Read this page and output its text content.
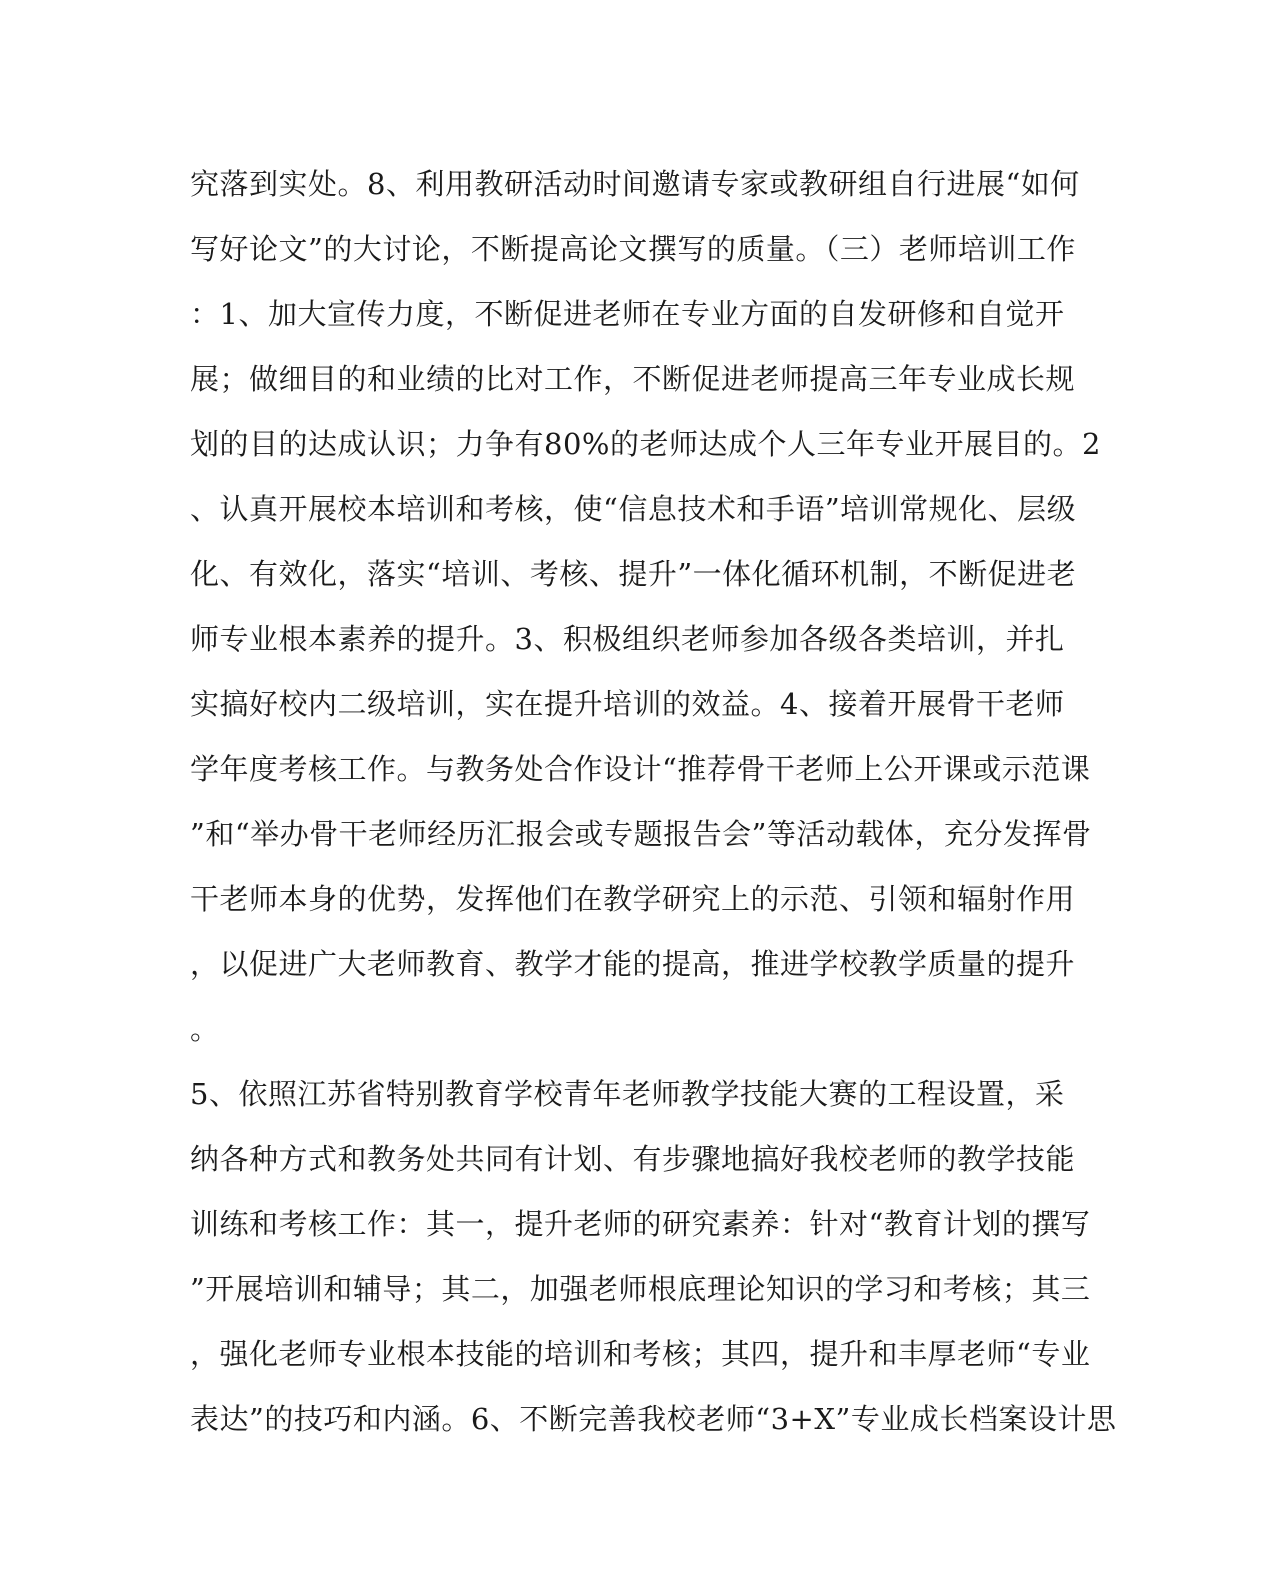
究落到实处。8、利用教研活动时间邀请专家或教研组自行进展“如何
写好论文”的大讨论，不断提高论文撰写的质量。（三）老师培训工作
：1、加大宣传力度，不断促进老师在专业方面的自发研修和自觉开
展；做细目的和业绩的比对工作，不断促进老师提高三年专业成长规
划的目的达成认识；力争有80%的老师达成个人三年专业开展目的。2
、认真开展校本培训和考核，使“信息技术和手语”培训常规化、层级
化、有效化，落实“培训、考核、提升”一体化循环机制，不断促进老
师专业根本素养的提升。3、积极组织老师参加各级各类培训，并扎
实搞好校内二级培训，实在提升培训的效益。4、接着开展骨干老师
学年度考核工作。与教务处合作设计“推荐骨干老师上公开课或示范课
”和“举办骨干老师经历汇报会或专题报告会”等活动载体，充分发挥骨
干老师本身的优势，发挥他们在教学研究上的示范、引领和辐射作用
，以促进广大老师教育、教学才能的提高，推进学校教学质量的提升
。
5、依照江苏省特别教育学校青年老师教学技能大赛的工程设置，采
纳各种方式和教务处共同有计划、有步骤地搞好我校老师的教学技能
训练和考核工作：其一，提升老师的研究素养：针对“教育计划的撰写
”开展培训和辅导；其二，加强老师根底理论知识的学习和考核；其三
，强化老师专业根本技能的培训和考核；其四，提升和丰厚老师“专业
表达”的技巧和内涵。6、不断完善我校老师“3+X”专业成长档案设计思
